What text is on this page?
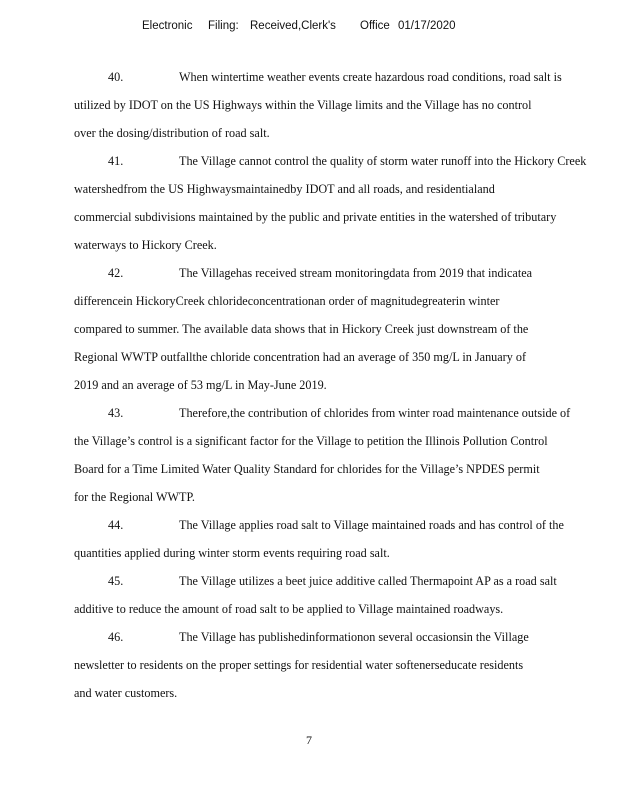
Electronic Filing: Received,Clerk's Office 01/17/2020
40.	When wintertime weather events create hazardous road conditions, road salt is
utilized by IDOT on the US Highways within the Village limits and the Village has no control
over the dosing/distribution of road salt.
41.	The Village cannot control the quality of storm water runoff into the Hickory Creek
watershedfrom the US Highwaysmaintainedby IDOT and all roads, and residentialand
commercial subdivisions maintained by the public and private entities in the watershed of tributary
waterways to Hickory Creek.
42.	The Villagehas received stream monitoringdata from 2019 that indicatea
differencein HickoryCreek chlorideconcentrationan order of magnitudegreaterin winter
compared to summer. The available data shows that in Hickory Creek just downstream of the
Regional WWTP outfallthe chloride concentration had an average of 350 mg/L in January of
2019 and an average of 53 mg/L in May-June 2019.
43.	Therefore,the contribution of chlorides from winter road maintenance outside of
the Village’s control is a significant factor for the Village to petition the Illinois Pollution Control
Board for a Time Limited Water Quality Standard for chlorides for the Village’s NPDES permit
for the Regional WWTP.
44.	The Village applies road salt to Village maintained roads and has control of the
quantities applied during winter storm events requiring road salt.
45.	The Village utilizes a beet juice additive called Thermapoint AP as a road salt
additive to reduce the amount of road salt to be applied to Village maintained roadways.
46.	The Village has publishedinformationon several occasionsin the Village
newsletter to residents on the proper settings for residential water softenerseducate residents
and water customers.
7
